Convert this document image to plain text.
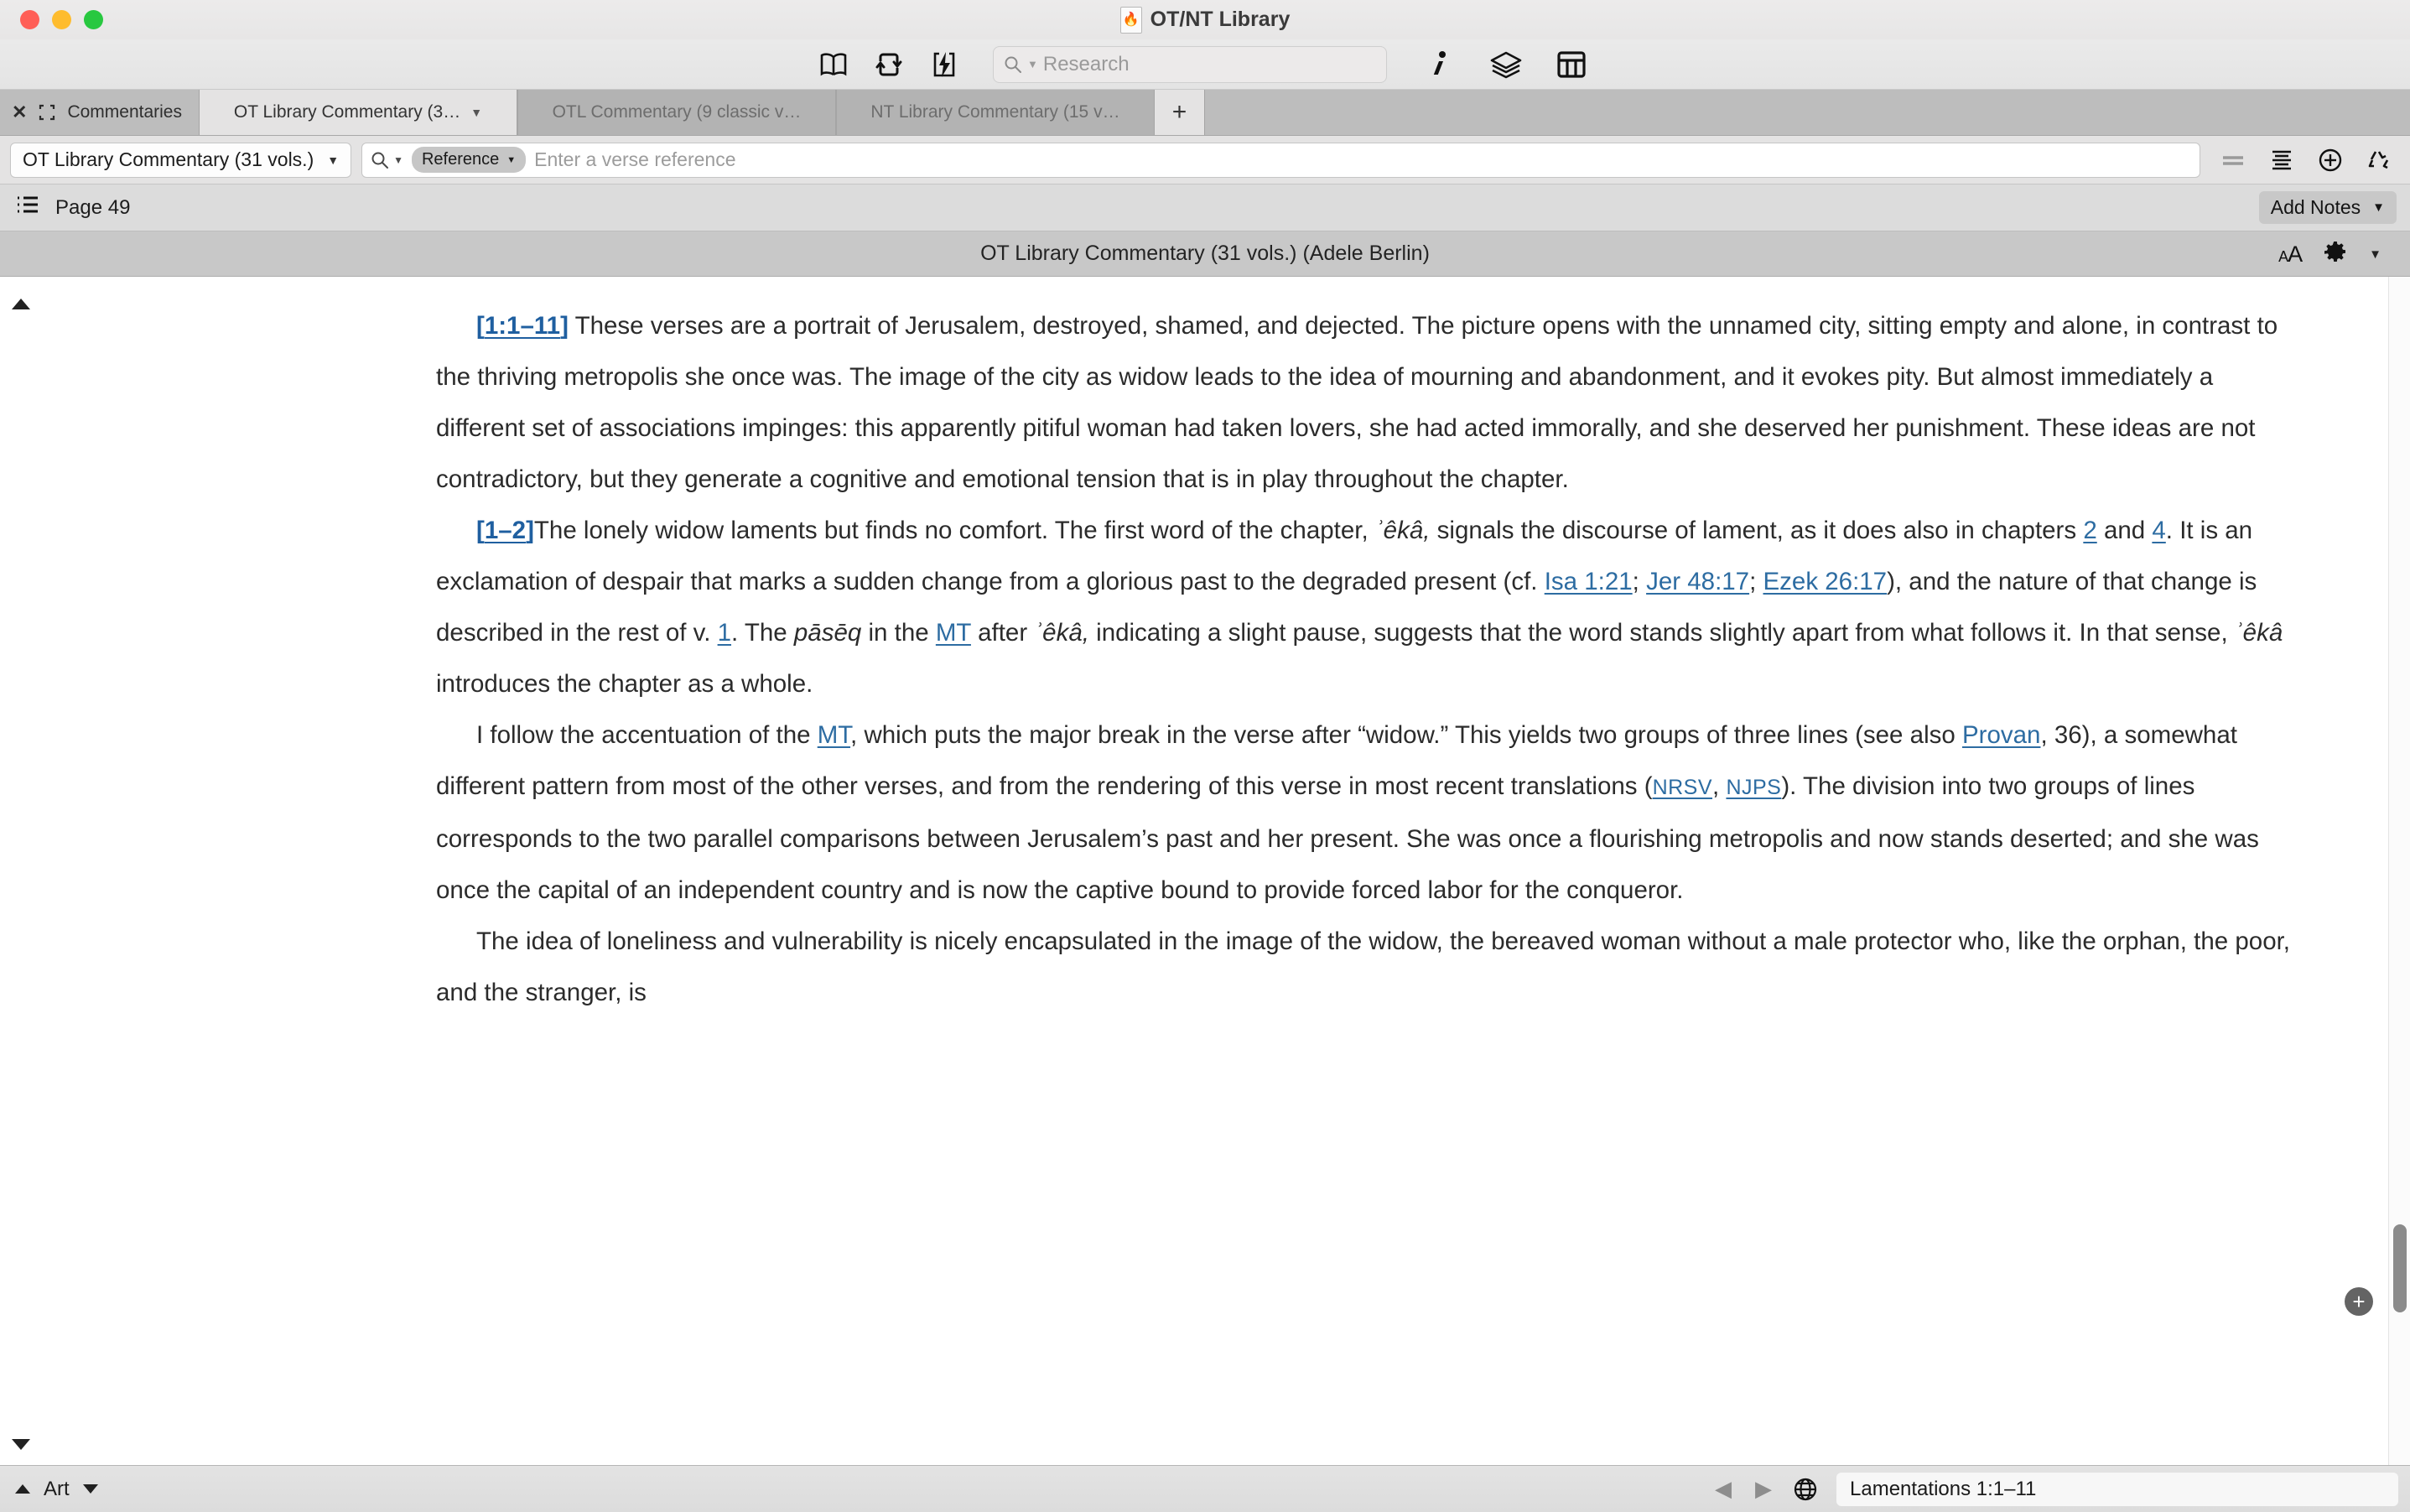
🔥 OT/NT Library
▼ Research
✕ Commentaries	OT Library Commentary (3… ▼	OTL Commentary (9 classic v…	NT Library Commentary (15 v…	+
OT Library Commentary (31 vols.) ▼	▼ Reference ▼ Enter a verse reference
Page 49	Add Notes ▼
OT Library Commentary (31 vols.) (Adele Berlin)	AA	▼

[1:1–11] These verses are a portrait of Jerusalem, destroyed, shamed, and dejected. The picture opens with the unnamed city, sitting empty and alone, in contrast to the thriving metropolis she once was. The image of the city as widow leads to the idea of mourning and abandonment, and it evokes pity. But almost immediately a different set of associations impinges: this apparently pitiful woman had taken lovers, she had acted immorally, and she deserved her punishment. These ideas are not contradictory, but they generate a cognitive and emotional tension that is in play throughout the chapter.

[1–2]The lonely widow laments but finds no comfort. The first word of the chapter, ʾêkâ, signals the discourse of lament, as it does also in chapters 2 and 4. It is an exclamation of despair that marks a sudden change from a glorious past to the degraded present (cf. Isa 1:21; Jer 48:17; Ezek 26:17), and the nature of that change is described in the rest of v. 1. The pāsēq in the MT after ʾêkâ, indicating a slight pause, suggests that the word stands slightly apart from what follows it. In that sense, ʾêkâ introduces the chapter as a whole.

I follow the accentuation of the MT, which puts the major break in the verse after “widow.” This yields two groups of three lines (see also Provan, 36), a somewhat different pattern from most of the other verses, and from the rendering of this verse in most recent translations (NRSV, NJPS). The division into two groups of lines corresponds to the two parallel comparisons between Jerusalem’s past and her present. She was once a flourishing metropolis and now stands deserted; and she was once the capital of an independent country and is now the captive bound to provide forced labor for the conqueror.

The idea of loneliness and vulnerability is nicely encapsulated in the image of the widow, the bereaved woman without a male protector who, like the orphan, the poor, and the stranger, is

+
Art	◀ ▶	Lamentations 1:1–11
